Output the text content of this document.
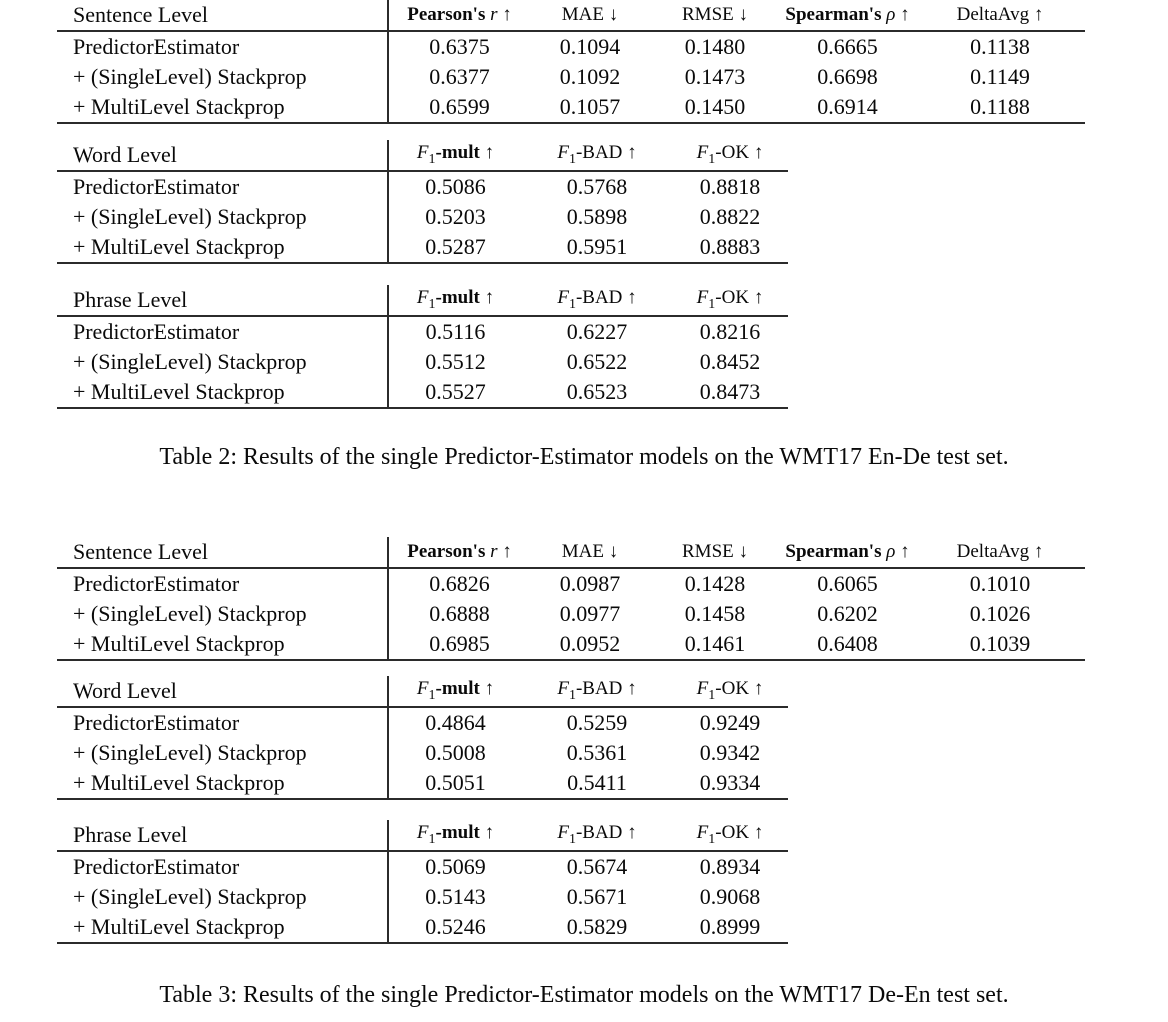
Sentence Level	Pearson's r ↑	MAE ↓	RMSE ↓	Spearman's ρ ↑	DeltaAvg ↑
PredictorEstimator	0.6375	0.1094	0.1480	0.6665	0.1138
+ (SingleLevel) Stackprop	0.6377	0.1092	0.1473	0.6698	0.1149
+ MultiLevel Stackprop	0.6599	0.1057	0.1450	0.6914	0.1188
Word Level	$F_1$-mult ↑	$F_1$-BAD ↑	$F_1-OK$ ↑
PredictorEstimator	0.5086	0.5768	0.8818
+ (SingleLevel) Stackprop	0.5203	0.5898	0.8822
+ MultiLevel Stackprop	0.5287	0.5951	0.8883
Phrase Level	$F_1$-mult ↑	$F_1$-BAD ↑	$F_1-OK$ ↑
PredictorEstimator	0.5116	0.6227	0.8216
+ (SingleLevel) Stackprop	0.5512	0.6522	0.8452
+ MultiLevel Stackprop	0.5527	0.6523	0.8473
Table 2: Results of the single Predictor-Estimator models on the WMT17 En-De test set.
Sentence Level	Pearson's r ↑	MAE ↓	RMSE ↓	Spearman's ρ ↑	DeltaAvg ↑
PredictorEstimator	0.6826	0.0987	0.1428	0.6065	0.1010
+ (SingleLevel) Stackprop	0.6888	0.0977	0.1458	0.6202	0.1026
+ MultiLevel Stackprop	0.6985	0.0952	0.1461	0.6408	0.1039
Word Level	$F_1$-mult ↑	$F_1$-BAD ↑	$F_1-OK$ ↑
PredictorEstimator	0.4864	0.5259	0.9249
+ (SingleLevel) Stackprop	0.5008	0.5361	0.9342
+ MultiLevel Stackprop	0.5051	0.5411	0.9334
Phrase Level	$F_1$-mult ↑	$F_1$-BAD ↑	$F_1-OK$ ↑
PredictorEstimator	0.5069	0.5674	0.8934
+ (SingleLevel) Stackprop	0.5143	0.5671	0.9068
+ MultiLevel Stackprop	0.5246	0.5829	0.8999
Table 3: Results of the single Predictor-Estimator models on the WMT17 De-En test set.
